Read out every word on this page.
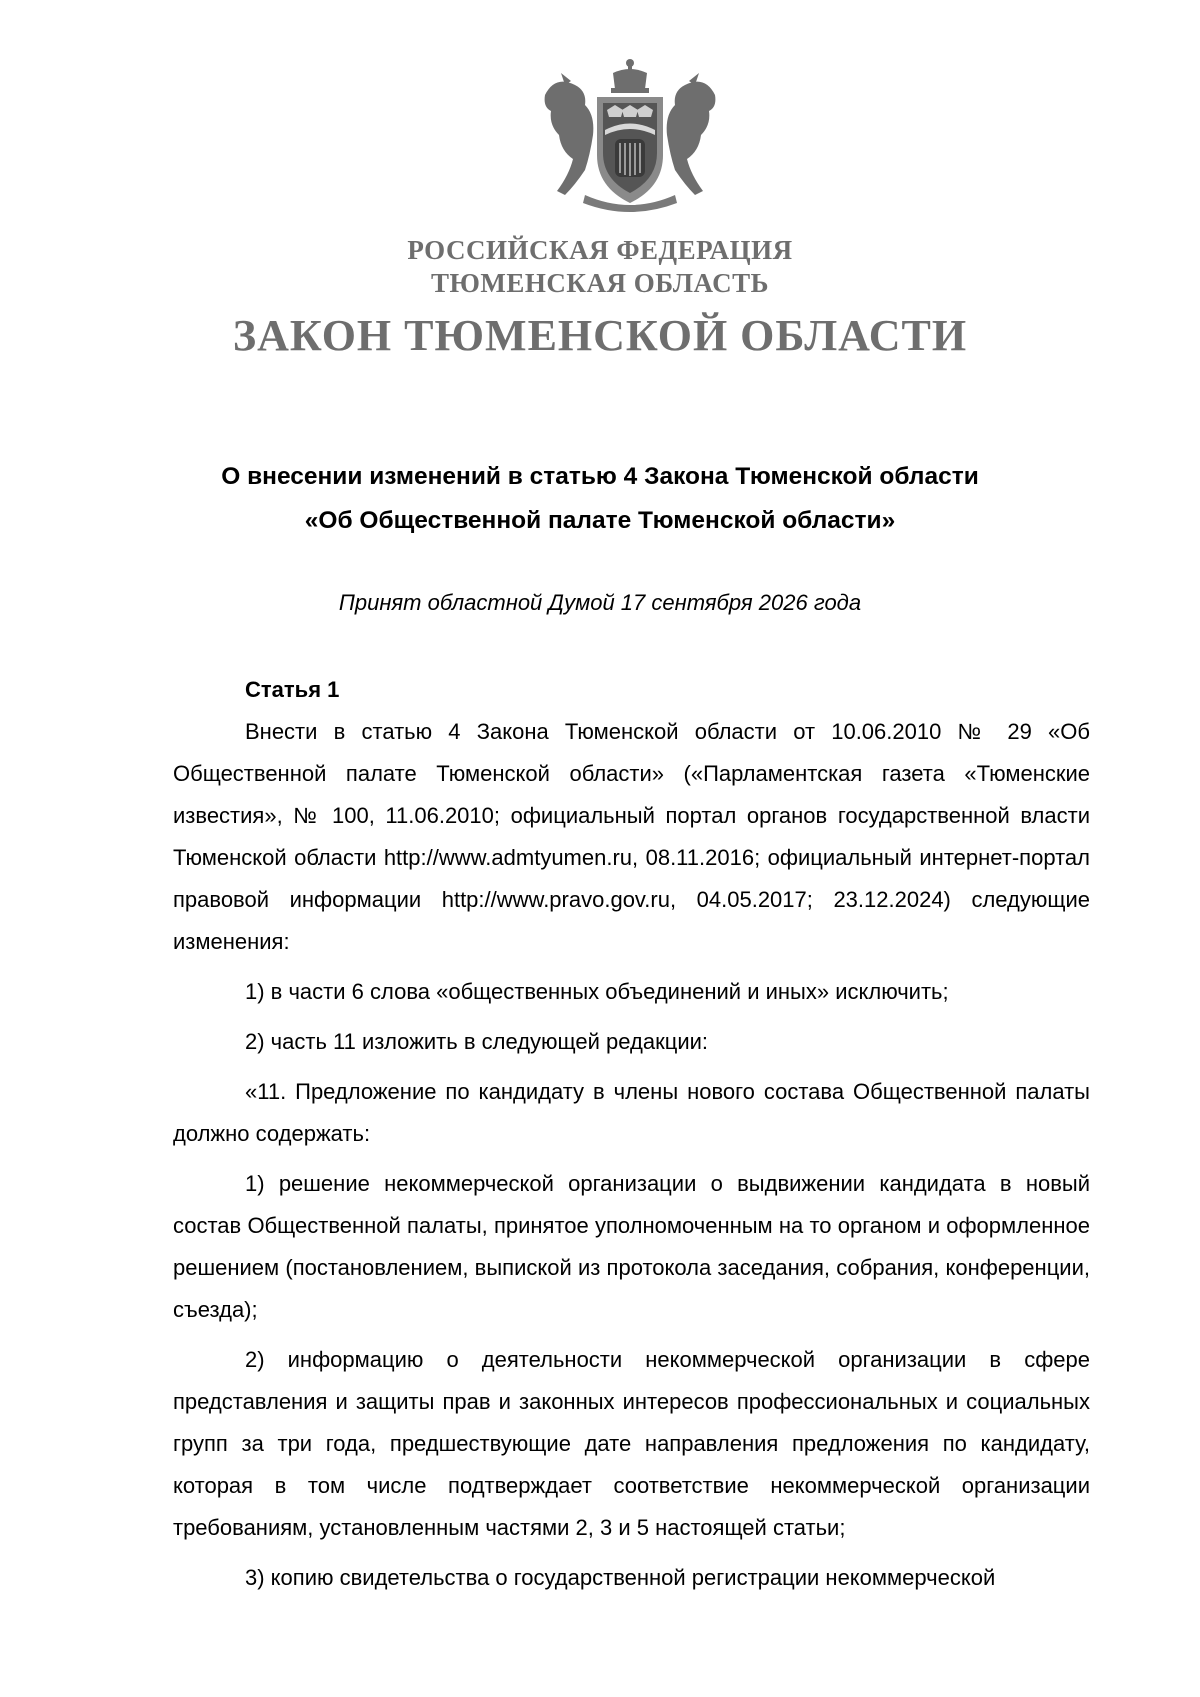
РОССИЙСКАЯ ФЕДЕРАЦИЯ
ТЮМЕНСКАЯ ОБЛАСТЬ
ЗАКОН ТЮМЕНСКОЙ ОБЛАСТИ
О внесении изменений в статью 4 Закона Тюменской области
«Об Общественной палате Тюменской области»
Принят областной Думой 17 сентября 2026 года

Статья 1

Внести в статью 4 Закона Тюменской области от 10.06.2010 № 29 «Об Общественной палате Тюменской области» («Парламентская газета «Тюменские известия», № 100, 11.06.2010; официальный портал органов государственной власти Тюменской области http://www.admtyumen.ru, 08.11.2016; официальный интернет-портал правовой информации http://www.pravo.gov.ru, 04.05.2017; 23.12.2024) следующие изменения:

1) в части 6 слова «общественных объединений и иных» исключить;

2) часть 11 изложить в следующей редакции:

«11. Предложение по кандидату в члены нового состава Общественной палаты должно содержать:

1) решение некоммерческой организации о выдвижении кандидата в новый состав Общественной палаты, принятое уполномоченным на то органом и оформленное решением (постановлением, выпиской из протокола заседания, собрания, конференции, съезда);

2) информацию о деятельности некоммерческой организации в сфере представления и защиты прав и законных интересов профессиональных и социальных групп за три года, предшествующие дате направления предложения по кандидату, которая в том числе подтверждает соответствие некоммерческой организации требованиям, установленным частями 2, 3 и 5 настоящей статьи;

3) копию свидетельства о государственной регистрации некоммерческой
